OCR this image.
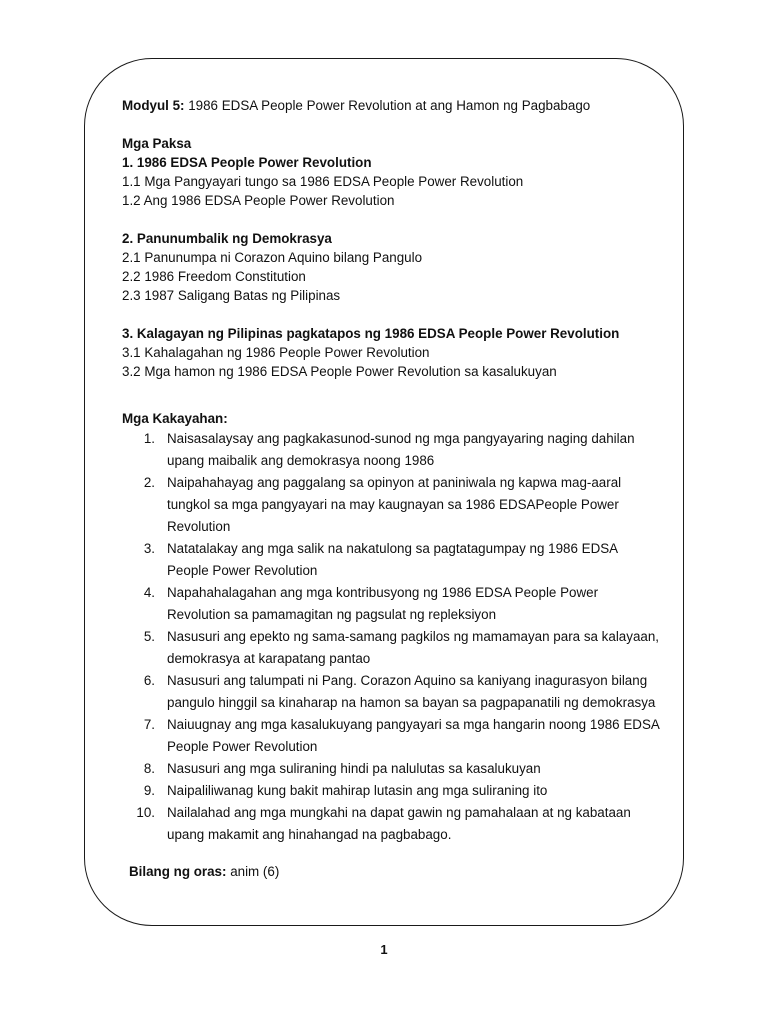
Modyul 5: 1986 EDSA People Power Revolution at ang Hamon ng Pagbabago
Mga Paksa
1. 1986 EDSA People Power Revolution
1.1 Mga Pangyayari tungo sa 1986 EDSA People Power Revolution
1.2 Ang 1986 EDSA People Power Revolution
2. Panunumbalik ng Demokrasya
2.1 Panunumpa ni Corazon Aquino bilang Pangulo
2.2 1986 Freedom Constitution
2.3 1987 Saligang Batas ng Pilipinas
3. Kalagayan ng Pilipinas pagkatapos ng 1986 EDSA People Power Revolution
3.1 Kahalagahan ng 1986 People Power Revolution
3.2 Mga hamon ng 1986 EDSA People Power Revolution sa kasalukuyan
Mga Kakayahan:
1. Naisasalaysay ang pagkakasunod-sunod ng mga pangyayaring naging dahilan
upang maibalik ang demokrasya noong 1986
2. Naipahahayag ang paggalang sa opinyon at paniniwala ng kapwa mag-aaral
tungkol sa mga pangyayari na may kaugnayan sa 1986 EDSAPeople Power
Revolution
3. Natatalakay ang mga salik na nakatulong sa pagtatagumpay ng 1986 EDSA
People Power Revolution
4. Napahahalagahan ang mga kontribusyong ng 1986 EDSA People Power
Revolution sa pamamagitan ng pagsulat ng repleksiyon
5. Nasusuri ang epekto ng sama-samang pagkilos ng mamamayan para sa kalayaan,
demokrasya at karapatang pantao
6. Nasusuri ang talumpati ni Pang. Corazon Aquino sa kaniyang inagurasyon bilang
pangulo hinggil sa kinaharap na hamon sa bayan sa pagpapanatili ng demokrasya
7. Naiuugnay ang mga kasalukuyang pangyayari sa mga hangarin noong 1986 EDSA
People Power Revolution
8. Nasusuri ang mga suliraning hindi pa nalulutas sa kasalukuyan
9. Naipaliliwanag kung bakit mahirap lutasin ang mga suliraning ito
10. Nailalahad ang mga mungkahi na dapat gawin ng pamahalaan at ng kabataan
upang makamit ang hinahangad na pagbabago.
Bilang ng oras: anim (6)
1
